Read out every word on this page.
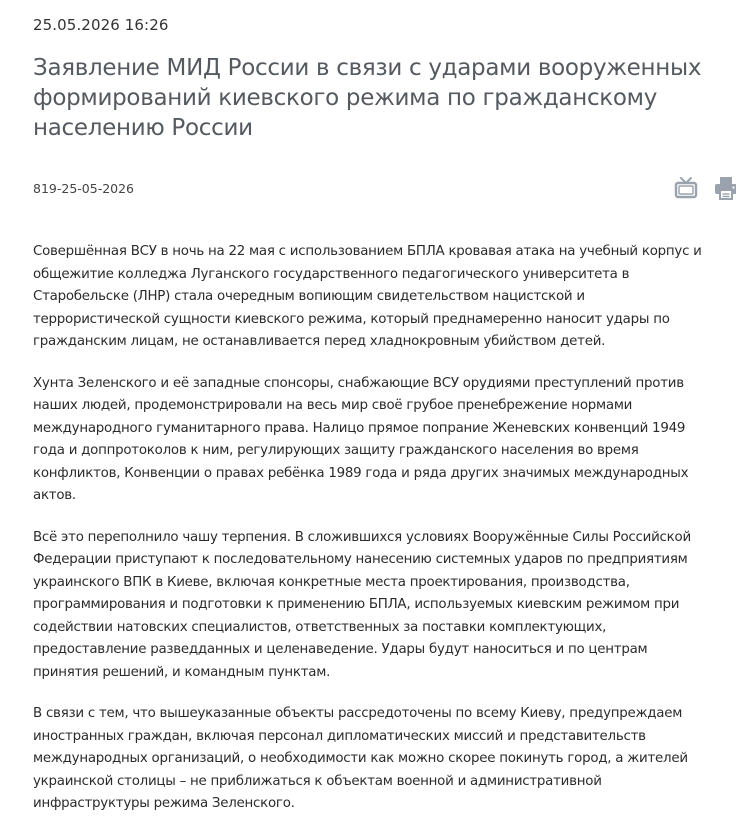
25.05.2026 16:26
Заявление МИД России в связи с ударами вооруженных формирований киевского режима по гражданскому населению России
819-25-05-2026

Совершённая ВСУ в ночь на 22 мая с использованием БПЛА кровавая атака на учебный корпус и общежитие колледжа Луганского государственного педагогического университета в Старобельске (ЛНР) стала очередным вопиющим свидетельством нацистской и террористической сущности киевского режима, который преднамеренно наносит удары по гражданским лицам, не останавливается перед хладнокровным убийством детей.

Хунта Зеленского и её западные спонсоры, снабжающие ВСУ орудиями преступлений против наших людей, продемонстрировали на весь мир своё грубое пренебрежение нормами международного гуманитарного права. Налицо прямое попрание Женевских конвенций 1949 года и доппротоколов к ним, регулирующих защиту гражданского населения во время конфликтов, Конвенции о правах ребёнка 1989 года и ряда других значимых международных актов.

Всё это переполнило чашу терпения. В сложившихся условиях Вооружённые Силы Российской Федерации приступают к последовательному нанесению системных ударов по предприятиям украинского ВПК в Киеве, включая конкретные места проектирования, производства, программирования и подготовки к применению БПЛА, используемых киевским режимом при содействии натовских специалистов, ответственных за поставки комплектующих, предоставление разведданных и целенаведение. Удары будут наноситься и по центрам принятия решений, и командным пунктам.

В связи с тем, что вышеуказанные объекты рассредоточены по всему Киеву, предупреждаем иностранных граждан, включая персонал дипломатических миссий и представительств международных организаций, о необходимости как можно скорее покинуть город, а жителей украинской столицы – не приближаться к объектам военной и административной инфраструктуры режима Зеленского.
